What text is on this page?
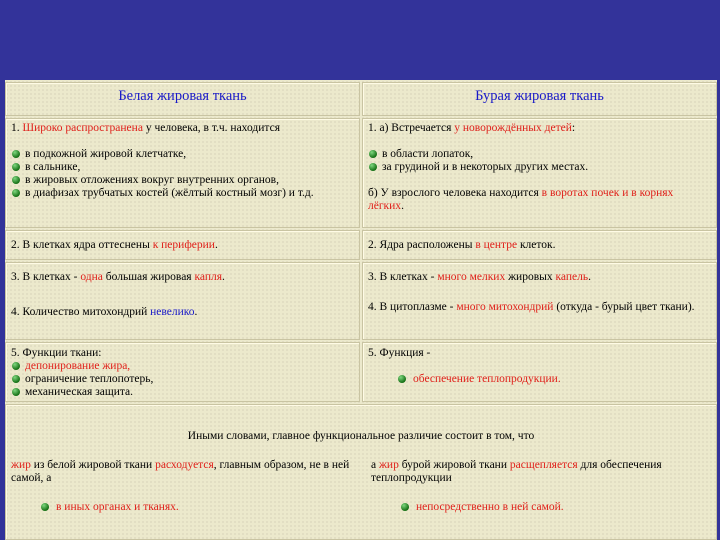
Белая жировая ткань	Бурая жировая ткань
1. Широко распространена у человека, в т.ч. находится
в подкожной жировой клетчатке,
в сальнике,
в жировых отложениях вокруг внутренних органов,
в диафизах трубчатых костей (жёлтый костный мозг) и т.д.
1. а) Встречается у новорождённых детей:
в области лопаток,
за грудиной и в некоторых других местах.
б) У взрослого человека находится в воротах почек и в корнях лёгких.
2. В клетках ядра оттеснены к периферии.	2. Ядра расположены в центре клеток.
3. В клетках - одна большая жировая капля.
4. Количество митохондрий невелико.
3. В клетках - много мелких жировых капель.
4. В цитоплазме - много митохондрий (откуда - бурый цвет ткани).
5. Функции ткани:
депонирование жира,
ограничение теплопотерь,
механическая защита.
5. Функция -
обеспечение теплопродукции.
Иными словами, главное функциональное различие состоит в том, что
жир из белой жировой ткани расходуется, главным образом, не в ней самой, а
в иных органах и тканях.
а жир бурой жировой ткани расщепляется для обеспечения теплопродукции
непосредственно в ней самой.
